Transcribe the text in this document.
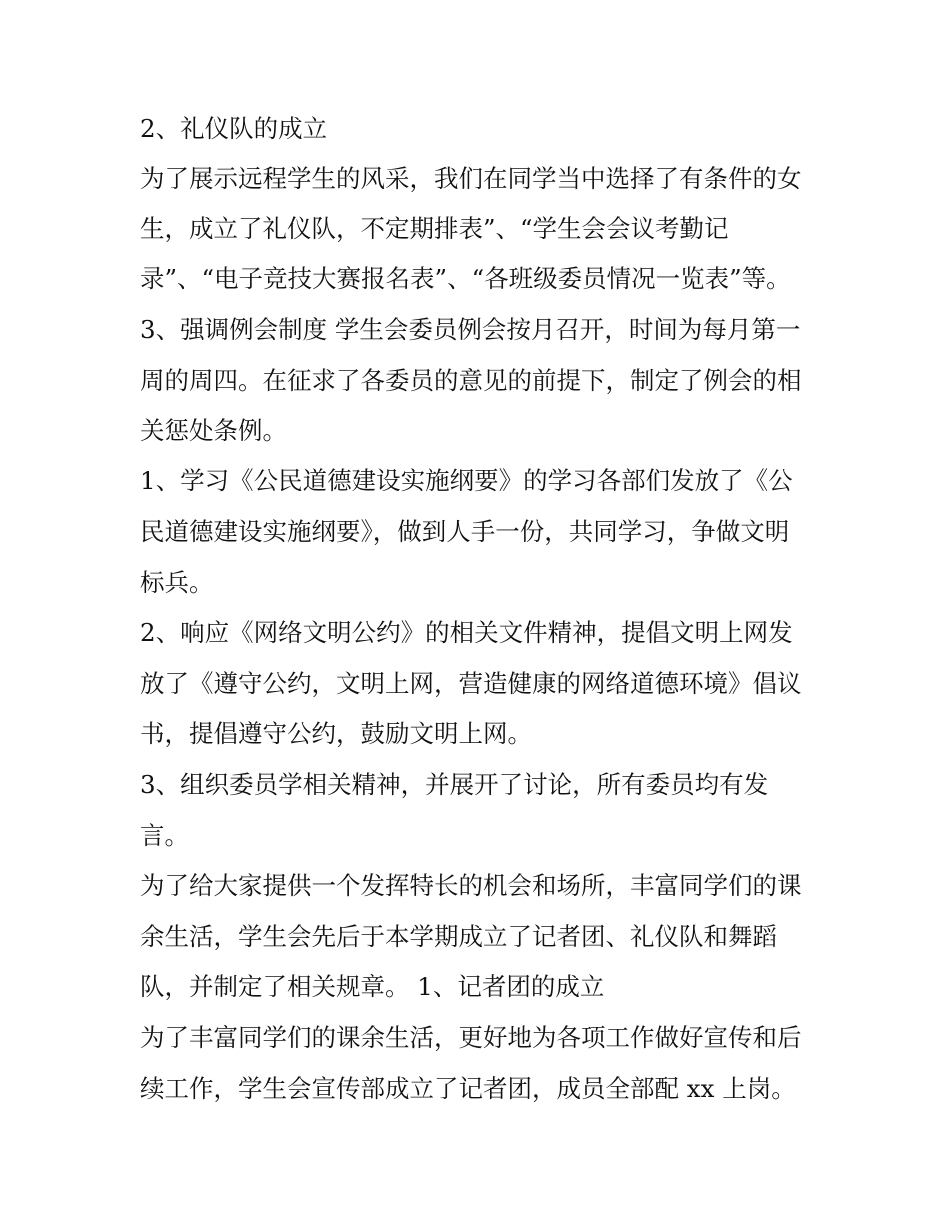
2、礼仪队的成立
为了展示远程学生的风采，我们在同学当中选择了有条件的女
生，成立了礼仪队，不定期排表”、“学生会会议考勤记
录”、“电子竞技大赛报名表”、“各班级委员情况一览表”等。
3、强调例会制度 学生会委员例会按月召开，时间为每月第一
周的周四。在征求了各委员的意见的前提下，制定了例会的相
关惩处条例。
1、学习《公民道德建设实施纲要》的学习各部们发放了《公
民道德建设实施纲要》，做到人手一份，共同学习，争做文明
标兵。
2、响应《网络文明公约》的相关文件精神，提倡文明上网发
放了《遵守公约，文明上网，营造健康的网络道德环境》倡议
书，提倡遵守公约，鼓励文明上网。
3、组织委员学相关精神，并展开了讨论，所有委员均有发
言。
为了给大家提供一个发挥特长的机会和场所，丰富同学们的课
余生活，学生会先后于本学期成立了记者团、礼仪队和舞蹈
队，并制定了相关规章。 1、记者团的成立
为了丰富同学们的课余生活，更好地为各项工作做好宣传和后
续工作，学生会宣传部成立了记者团，成员全部配 xx 上岗。
